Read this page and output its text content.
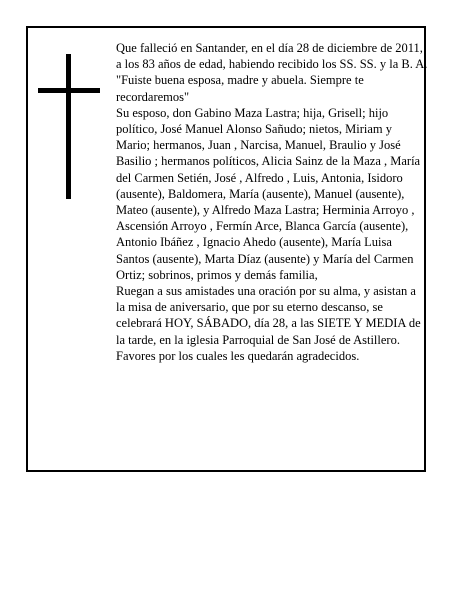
Que falleció en Santander, en el día 28 de diciembre de 2011, a los 83 años de edad, habiendo recibido los SS. SS. y la B. A.

"Fuiste buena esposa, madre y abuela. Siempre te recordaremos"

Su esposo, don Gabino Maza Lastra; hija, Grisell; hijo político, José Manuel Alonso Sañudo; nietos, Miriam y Mario; hermanos, Juan , Narcisa, Manuel, Braulio y José Basilio ; hermanos políticos, Alicia Sainz de la Maza , María del Carmen Setién, José , Alfredo , Luis, Antonia, Isidoro (ausente), Baldomera, María (ausente), Manuel (ausente), Mateo (ausente), y Alfredo Maza Lastra; Herminia Arroyo , Ascensión Arroyo , Fermín Arce, Blanca García (ausente), Antonio Ibáñez , Ignacio Ahedo (ausente), María Luisa Santos (ausente), Marta Díaz (ausente) y María del Carmen Ortiz; sobrinos, primos y demás familia,

Ruegan a sus amistades una oración por su alma, y asistan a la misa de aniversario, que por su eterno descanso, se celebrará HOY, SÁBADO, día 28, a las SIETE Y MEDIA de la tarde, en la iglesia Parroquial de San José de Astillero. Favores por los cuales les quedarán agradecidos.
